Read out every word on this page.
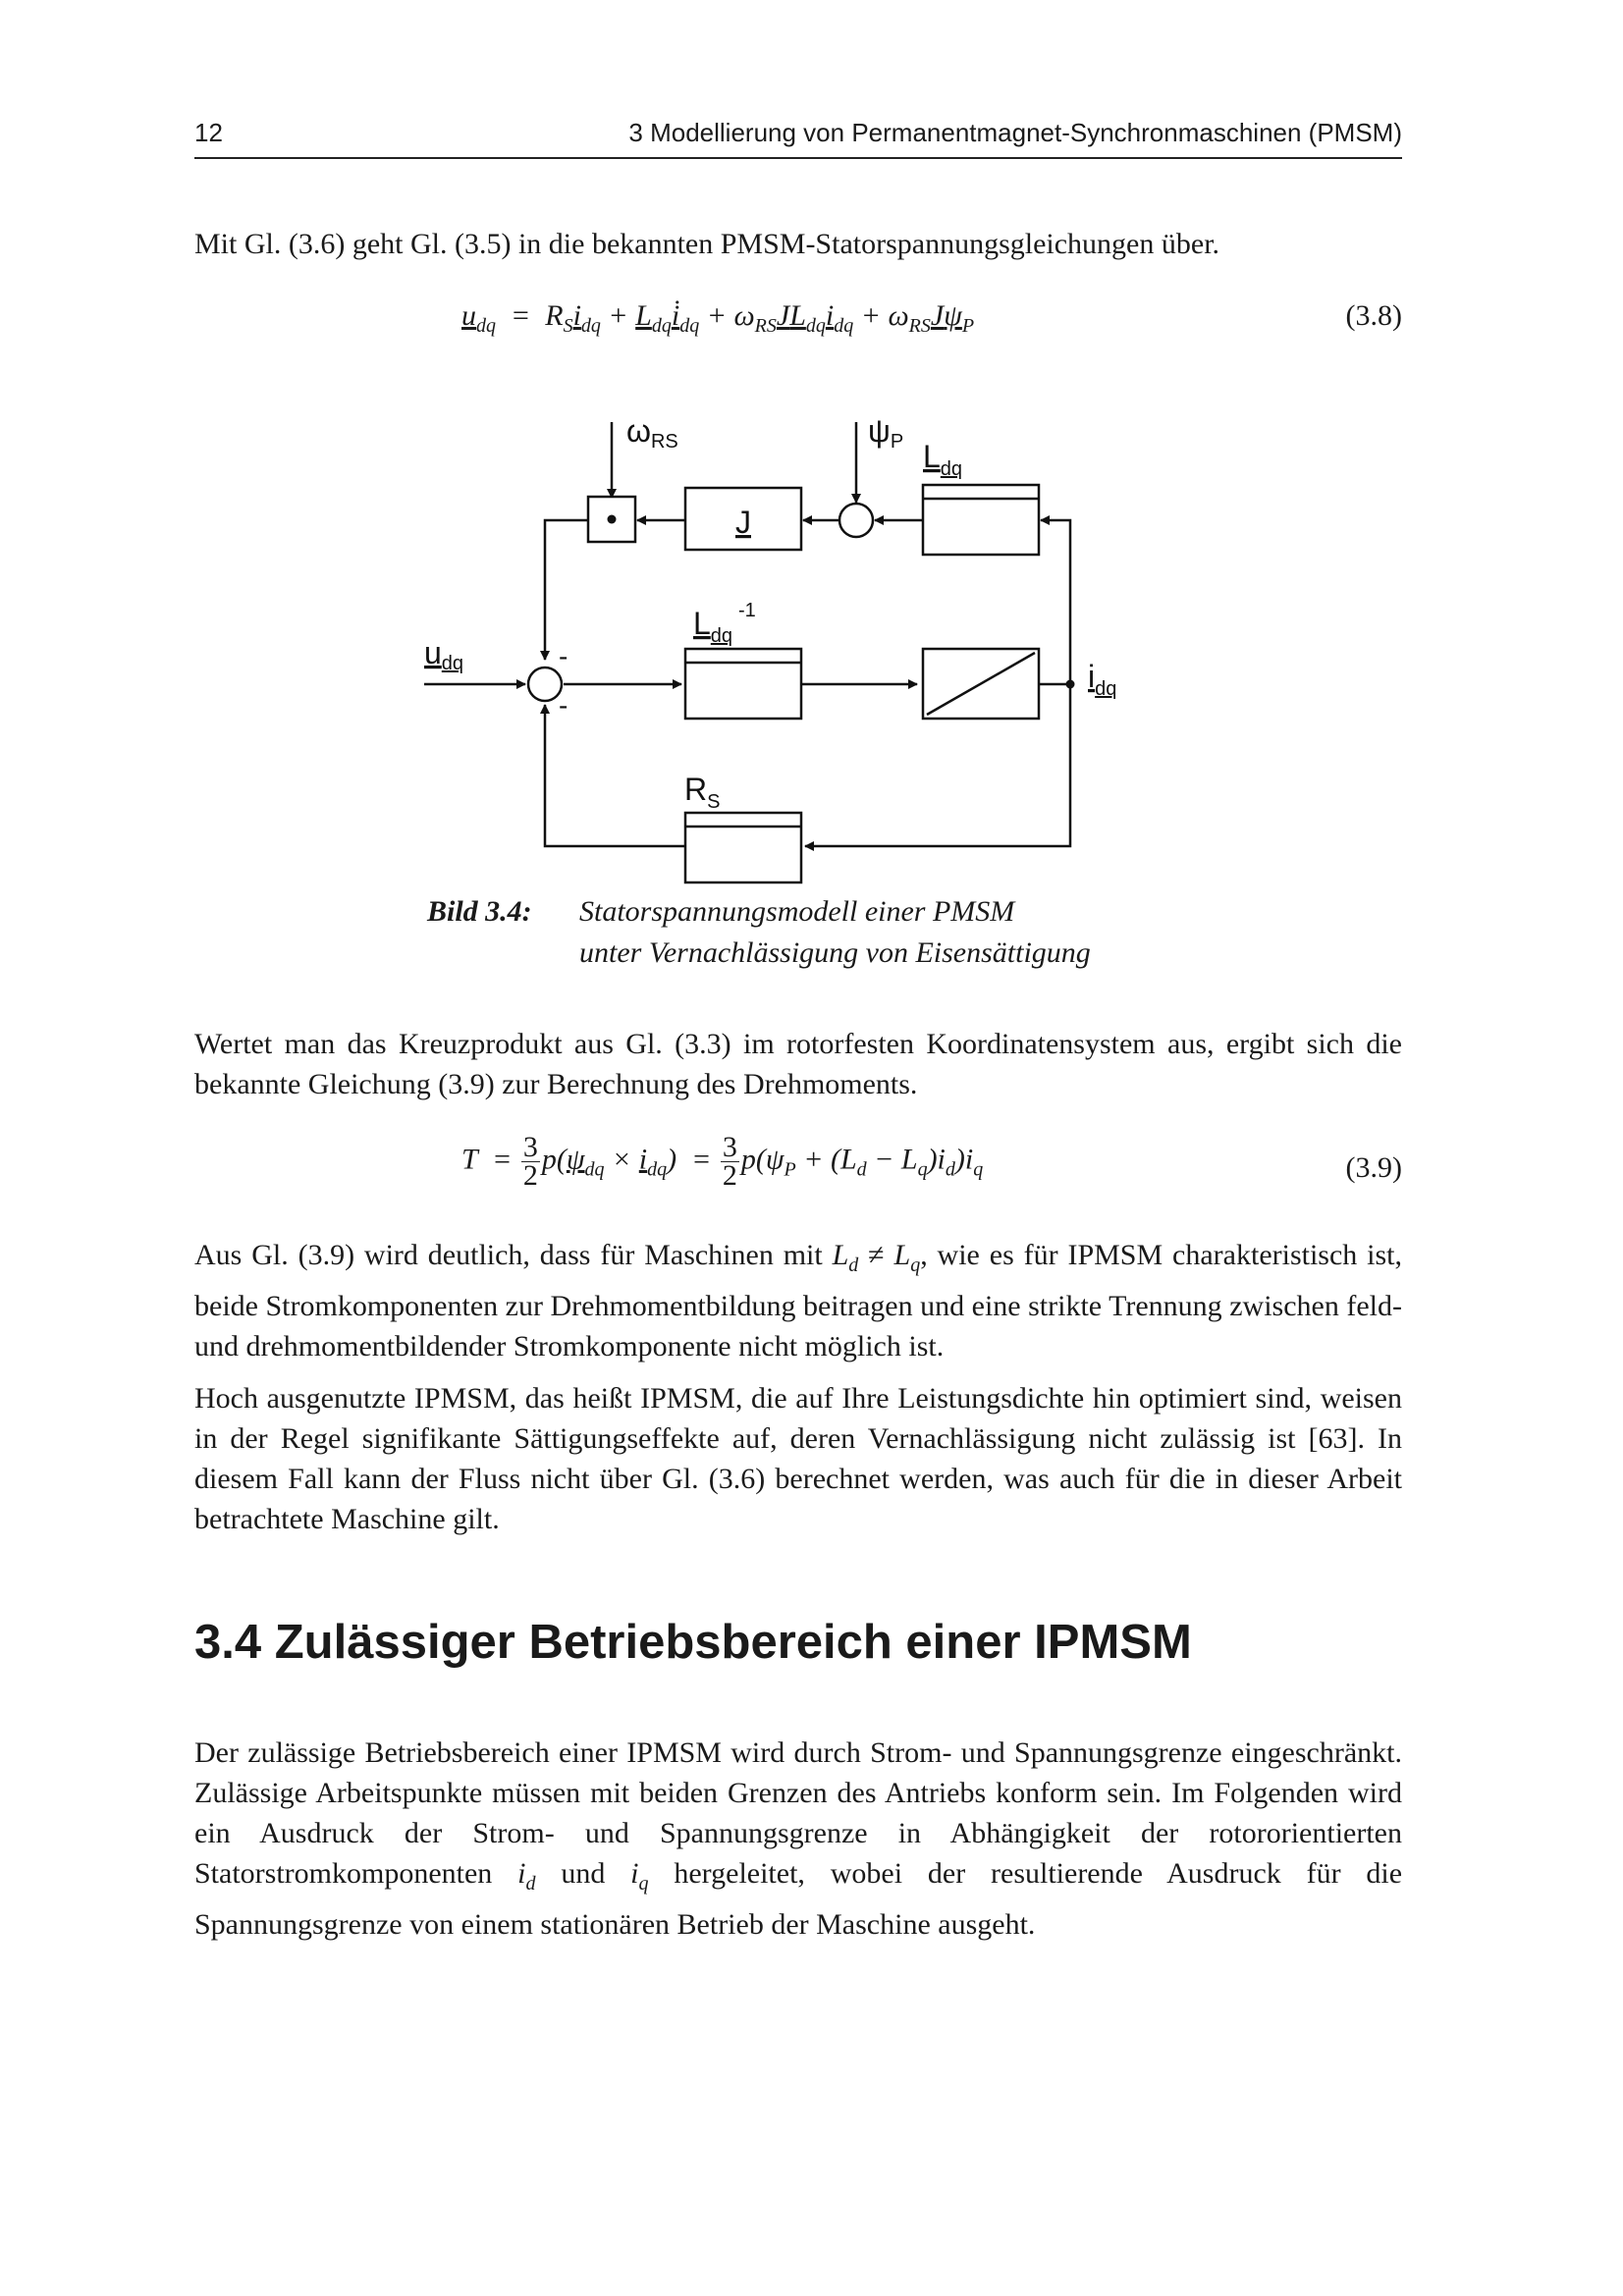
12	3 Modellierung von Permanentmagnet-Synchronmaschinen (PMSM)
Mit Gl. (3.6) geht Gl. (3.5) in die bekannten PMSM-Statorspannungsgleichungen über.
$u_{dq} = R_Si_{dq}$ + $L_{dq}i̇_{dq} + \omega_{RS}JL_{dq}i_{dq} + \omega_{RS}J\psi_P$	(3.8)
ωRS	ψP $L_{dq}$
J
$L_{dq}$
-1
udq	$i_{dq}$
$R_S$
-
-
Bild 3.4: Statorspannungsmodell einer PMSM
unter Vernachlässigung von Eisensättigung
Wertet man das Kreuzprodukt aus Gl. (3.3) im rotorfesten Koordinatensystem aus, ergibt sich die bekannte Gleichung (3.9) zur Berechnung des Drehmoments.
$T = \frac{3}{2} p(\psi_{dq} \times i_{dq}) = \frac{3}{2} p(\psi_P + (L_d - L_q)i_d)i_q$	(3.9)
Aus Gl. (3.9) wird deutlich, dass für Maschinen mit $L_d \ne L_q$, wie es für IPMSM charakteristisch ist, beide Stromkomponenten zur Drehmomentbildung beitragen und eine strikte Trennung zwischen feld- und drehmomentbildender Stromkomponente nicht möglich ist.
Hoch ausgenutzte IPMSM, das heißt IPMSM, die auf Ihre Leistungsdichte hin optimiert sind, weisen in der Regel signifikante Sättigungseffekte auf, deren Vernachlässigung nicht zulässig ist [63]. In diesem Fall kann der Fluss nicht über Gl. (3.6) berechnet werden, was auch für die in dieser Arbeit betrachtete Maschine gilt.
3.4 Zulässiger Betriebsbereich einer IPMSM
Der zulässige Betriebsbereich einer IPMSM wird durch Strom- und Spannungsgrenze eingeschränkt. Zulässige Arbeitspunkte müssen mit beiden Grenzen des Antriebs konform sein. Im Folgenden wird ein Ausdruck der Strom- und Spannungsgrenze in Abhängigkeit der rotororientierten Statorstromkomponenten $i_d$ und $i_q$ hergeleitet, wobei der resultierende Ausdruck für die Spannungsgrenze von einem stationären Betrieb der Maschine ausgeht.
